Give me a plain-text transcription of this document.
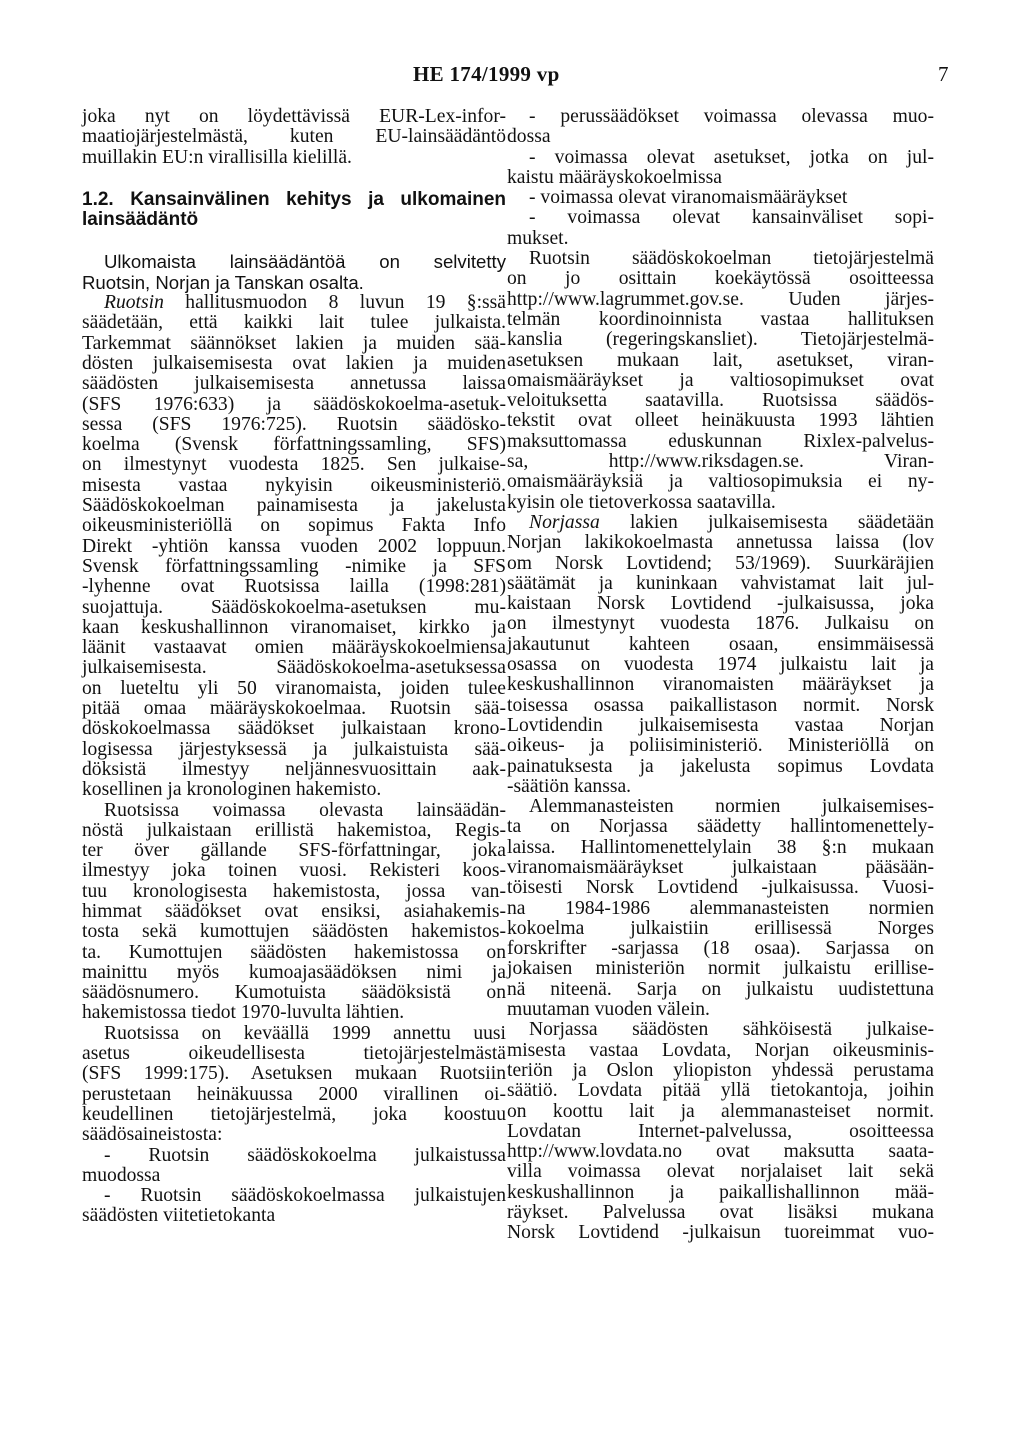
HE 174/1999 vp	7
joka nyt on löydettävissä EUR-Lex-infor-
maatiojärjestelmästä, kuten EU-lainsäädäntö
muillakin EU:n virallisilla kielillä.
1.2. Kansainvälinen kehitys ja ulkomainen
lainsäädäntö
Ulkomaista lainsäädäntöä on selvitetty
Ruotsin, Norjan ja Tanskan osalta.
Ruotsin hallitusmuodon 8 luvun 19 §:ssä
säädetään, että kaikki lait tulee julkaista.
Tarkemmat säännökset lakien ja muiden sää-
dösten julkaisemisesta ovat lakien ja muiden
säädösten julkaisemisesta annetussa laissa
(SFS 1976:633) ja säädöskokoelma-asetuk-
sessa (SFS 1976:725). Ruotsin säädösko-
koelma (Svensk författningssamling, SFS)
on ilmestynyt vuodesta 1825. Sen julkaise-
misesta vastaa nykyisin oikeusministeriö.
Säädöskokoelman painamisesta ja jakelusta
oikeusministeriöllä on sopimus Fakta Info
Direkt -yhtiön kanssa vuoden 2002 loppuun.
Svensk författningssamling -nimike ja SFS
-lyhenne ovat Ruotsissa lailla (1998:281)
suojattuja. Säädöskokoelma-asetuksen mu-
kaan keskushallinnon viranomaiset, kirkko ja
läänit vastaavat omien määräyskokoelmiensa
julkaisemisesta. Säädöskokoelma-asetuksessa
on lueteltu yli 50 viranomaista, joiden tulee
pitää omaa määräyskokoelmaa. Ruotsin sää-
döskokoelmassa säädökset julkaistaan krono-
logisessa järjestyksessä ja julkaistuista sää-
döksistä ilmestyy neljännesvuosittain aak-
kosellinen ja kronologinen hakemisto.
Ruotsissa voimassa olevasta lainsäädän-
nöstä julkaistaan erillistä hakemistoa, Regis-
ter över gällande SFS-författningar, joka
ilmestyy joka toinen vuosi. Rekisteri koos-
tuu kronologisesta hakemistosta, jossa van-
himmat säädökset ovat ensiksi, asiahakemis-
tosta sekä kumottujen säädösten hakemistos-
ta. Kumottujen säädösten hakemistossa on
mainittu myös kumoajasäädöksen nimi ja
säädösnumero. Kumotuista säädöksistä on
hakemistossa tiedot 1970-luvulta lähtien.
Ruotsissa on keväällä 1999 annettu uusi
asetus oikeudellisesta tietojärjestelmästä
(SFS 1999:175). Asetuksen mukaan Ruotsiin
perustetaan heinäkuussa 2000 virallinen oi-
keudellinen tietojärjestelmä, joka koostuu
säädösaineistosta:
- Ruotsin säädöskokoelma julkaistussa
muodossa
- Ruotsin säädöskokoelmassa julkaistujen
säädösten viitetietokanta
- perussäädökset voimassa olevassa muo-
dossa
- voimassa olevat asetukset, jotka on jul-
kaistu määräyskokoelmissa
- voimassa olevat viranomaismääräykset
- voimassa olevat kansainväliset sopi-
mukset.
Ruotsin säädöskokoelman tietojärjestelmä
on jo osittain koekäytössä osoitteessa
http://www.lagrummet.gov.se. Uuden järjes-
telmän koordinoinnista vastaa hallituksen
kanslia (regeringskansliet). Tietojärjestelmä-
asetuksen mukaan lait, asetukset, viran-
omaismääräykset ja valtiosopimukset ovat
veloituksetta saatavilla. Ruotsissa säädös-
tekstit ovat olleet heinäkuusta 1993 lähtien
maksuttomassa eduskunnan Rixlex-palvelus-
sa, http://www.riksdagen.se. Viran-
omaismääräyksiä ja valtiosopimuksia ei ny-
kyisin ole tietoverkossa saatavilla.
Norjassa lakien julkaisemisesta säädetään
Norjan lakikokoelmasta annetussa laissa (lov
om Norsk Lovtidend; 53/1969). Suurkäräjien
säätämät ja kuninkaan vahvistamat lait jul-
kaistaan Norsk Lovtidend -julkaisussa, joka
on ilmestynyt vuodesta 1876. Julkaisu on
jakautunut kahteen osaan, ensimmäisessä
osassa on vuodesta 1974 julkaistu lait ja
keskushallinnon viranomaisten määräykset ja
toisessa osassa paikallistason normit. Norsk
Lovtidendin julkaisemisesta vastaa Norjan
oikeus- ja poliisiministeriö. Ministeriöllä on
painatuksesta ja jakelusta sopimus Lovdata
-säätiön kanssa.
Alemmanasteisten normien julkaisemises-
ta on Norjassa säädetty hallintomenettely-
laissa. Hallintomenettelylain 38 §:n mukaan
viranomaismääräykset julkaistaan pääsään-
töisesti Norsk Lovtidend -julkaisussa. Vuosi-
na 1984-1986 alemmanasteisten normien
kokoelma julkaistiin erillisessä Norges
forskrifter -sarjassa (18 osaa). Sarjassa on
jokaisen ministeriön normit julkaistu erillise-
nä niteenä. Sarja on julkaistu uudistettuna
muutaman vuoden välein.
Norjassa säädösten sähköisestä julkaise-
misesta vastaa Lovdata, Norjan oikeusminis-
teriön ja Oslon yliopiston yhdessä perustama
säätiö. Lovdata pitää yllä tietokantoja, joihin
on koottu lait ja alemmanasteiset normit.
Lovdatan Internet-palvelussa, osoitteessa
http://www.lovdata.no ovat maksutta saata-
villa voimassa olevat norjalaiset lait sekä
keskushallinnon ja paikallishallinnon mää-
räykset. Palvelussa ovat lisäksi mukana
Norsk Lovtidend -julkaisun tuoreimmat vuo-
